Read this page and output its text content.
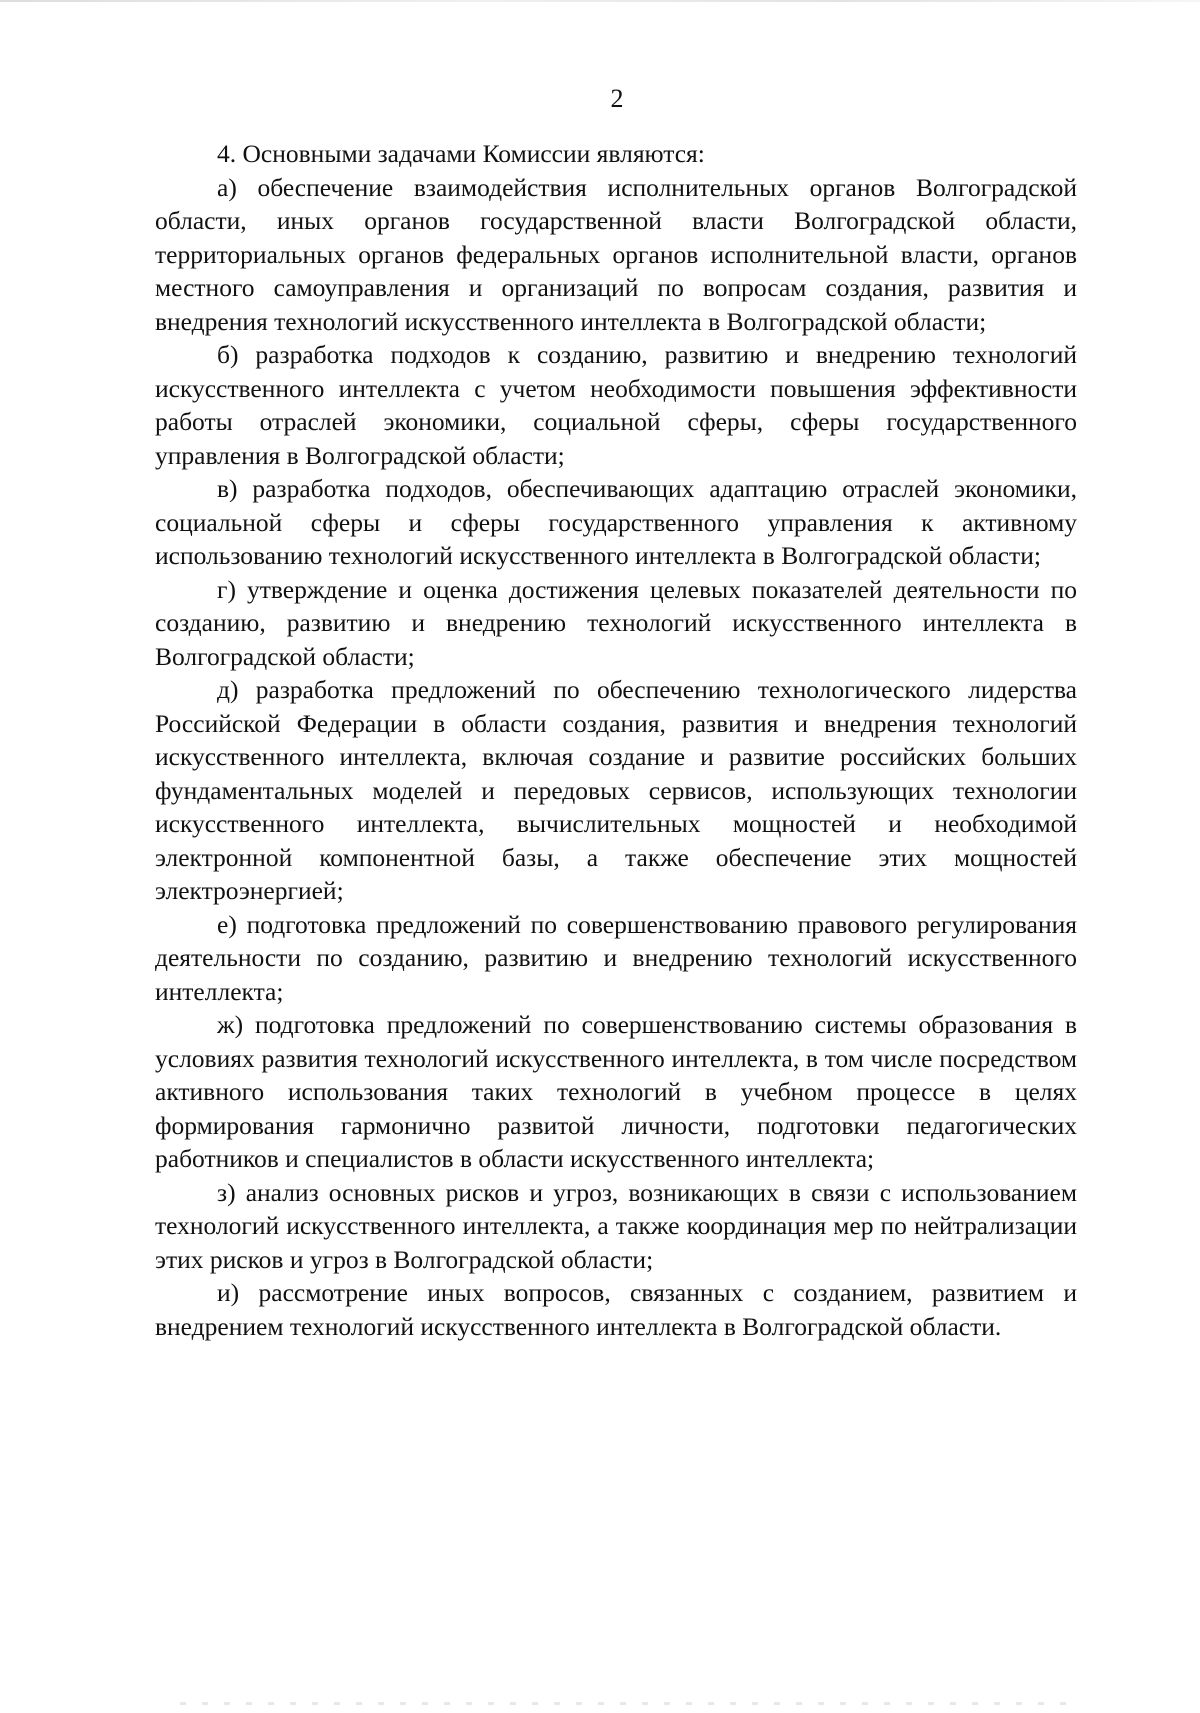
2

4. Основными задачами Комиссии являются:

а) обеспечение взаимодействия исполнительных органов Волгоградской области, иных органов государственной власти Волгоградской области, территориальных органов федеральных органов исполнительной власти, органов местного самоуправления и организаций по вопросам создания, развития и внедрения технологий искусственного интеллекта в Волгоградской области;

б) разработка подходов к созданию, развитию и внедрению технологий искусственного интеллекта с учетом необходимости повышения эффективности работы отраслей экономики, социальной сферы, сферы государственного управления в Волгоградской области;

в) разработка подходов, обеспечивающих адаптацию отраслей экономики, социальной сферы и сферы государственного управления к активному использованию технологий искусственного интеллекта в Волгоградской области;

г) утверждение и оценка достижения целевых показателей деятельности по созданию, развитию и внедрению технологий искусственного интеллекта в Волгоградской области;

д) разработка предложений по обеспечению технологического лидерства Российской Федерации в области создания, развития и внедрения технологий искусственного интеллекта, включая создание и развитие российских больших фундаментальных моделей и передовых сервисов, использующих технологии искусственного интеллекта, вычислительных мощностей и необходимой электронной компонентной базы, а также обеспечение этих мощностей электроэнергией;

е) подготовка предложений по совершенствованию правового регулирования деятельности по созданию, развитию и внедрению технологий искусственного интеллекта;

ж) подготовка предложений по совершенствованию системы образования в условиях развития технологий искусственного интеллекта, в том числе посредством активного использования таких технологий в учебном процессе в целях формирования гармонично развитой личности, подготовки педагогических работников и специалистов в области искусственного интеллекта;

з) анализ основных рисков и угроз, возникающих в связи с использованием технологий искусственного интеллекта, а также координация мер по нейтрализации этих рисков и угроз в Волгоградской области;

и) рассмотрение иных вопросов, связанных с созданием, развитием и внедрением технологий искусственного интеллекта в Волгоградской области.
